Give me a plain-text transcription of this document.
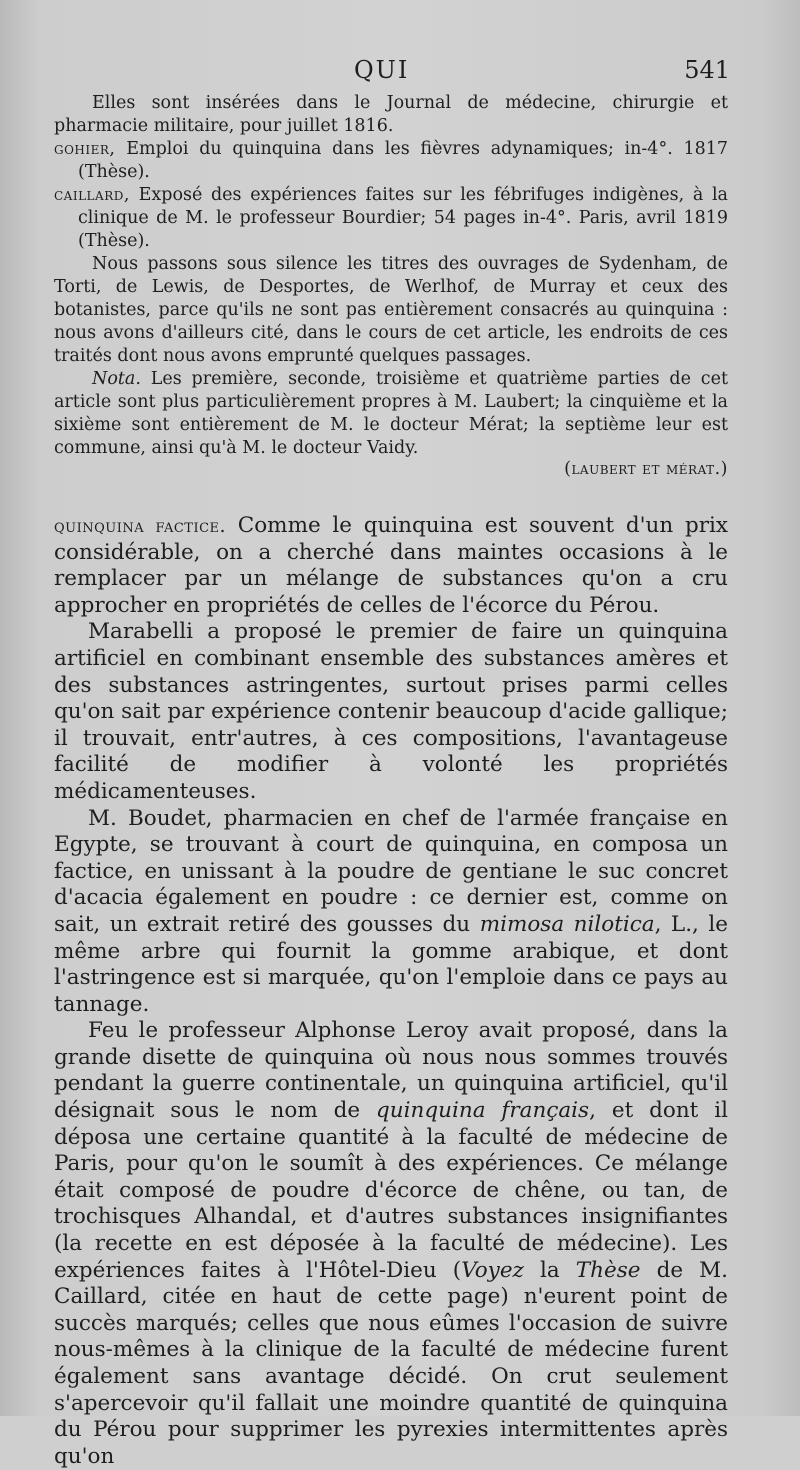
QUI	541

Elles sont insérées dans le Journal de médecine, chirurgie et pharmacie militaire, pour juillet 1816.

gohier, Emploi du quinquina dans les fièvres adynamiques; in-4°. 1817 (Thèse).

caillard, Exposé des expériences faites sur les fébrifuges indigènes, à la clinique de M. le professeur Bourdier; 54 pages in-4°. Paris, avril 1819 (Thèse).

Nous passons sous silence les titres des ouvrages de Sydenham, de Torti, de Lewis, de Desportes, de Werlhof, de Murray et ceux des botanistes, parce qu'ils ne sont pas entièrement consacrés au quinquina : nous avons d'ailleurs cité, dans le cours de cet article, les endroits de ces traités dont nous avons emprunté quelques passages.

Nota. Les première, seconde, troisième et quatrième parties de cet article sont plus particulièrement propres à M. Laubert; la cinquième et la sixième sont entièrement de M. le docteur Mérat; la septième leur est commune, ainsi qu'à M. le docteur Vaidy.
(laubert et mérat.)

quinquina factice. Comme le quinquina est souvent d'un prix considérable, on a cherché dans maintes occasions à le remplacer par un mélange de substances qu'on a cru approcher en propriétés de celles de l'écorce du Pérou.

Marabelli a proposé le premier de faire un quinquina artificiel en combinant ensemble des substances amères et des substances astringentes, surtout prises parmi celles qu'on sait par expérience contenir beaucoup d'acide gallique; il trouvait, entr'autres, à ces compositions, l'avantageuse facilité de modifier à volonté les propriétés médicamenteuses.

M. Boudet, pharmacien en chef de l'armée française en Egypte, se trouvant à court de quinquina, en composa un factice, en unissant à la poudre de gentiane le suc concret d'acacia également en poudre : ce dernier est, comme on sait, un extrait retiré des gousses du mimosa nilotica, L., le même arbre qui fournit la gomme arabique, et dont l'astringence est si marquée, qu'on l'emploie dans ce pays au tannage.

Feu le professeur Alphonse Leroy avait proposé, dans la grande disette de quinquina où nous nous sommes trouvés pendant la guerre continentale, un quinquina artificiel, qu'il désignait sous le nom de quinquina français, et dont il déposa une certaine quantité à la faculté de médecine de Paris, pour qu'on le soumît à des expériences. Ce mélange était composé de poudre d'écorce de chêne, ou tan, de trochisques Alhandal, et d'autres substances insignifiantes (la recette en est déposée à la faculté de médecine). Les expériences faites à l'Hôtel-Dieu (Voyez la Thèse de M. Caillard, citée en haut de cette page) n'eurent point de succès marqués; celles que nous eûmes l'occasion de suivre nous-mêmes à la clinique de la faculté de médecine furent également sans avantage décidé. On crut seulement s'apercevoir qu'il fallait une moindre quantité de quinquina du Pérou pour supprimer les pyrexies intermittentes après qu'on
